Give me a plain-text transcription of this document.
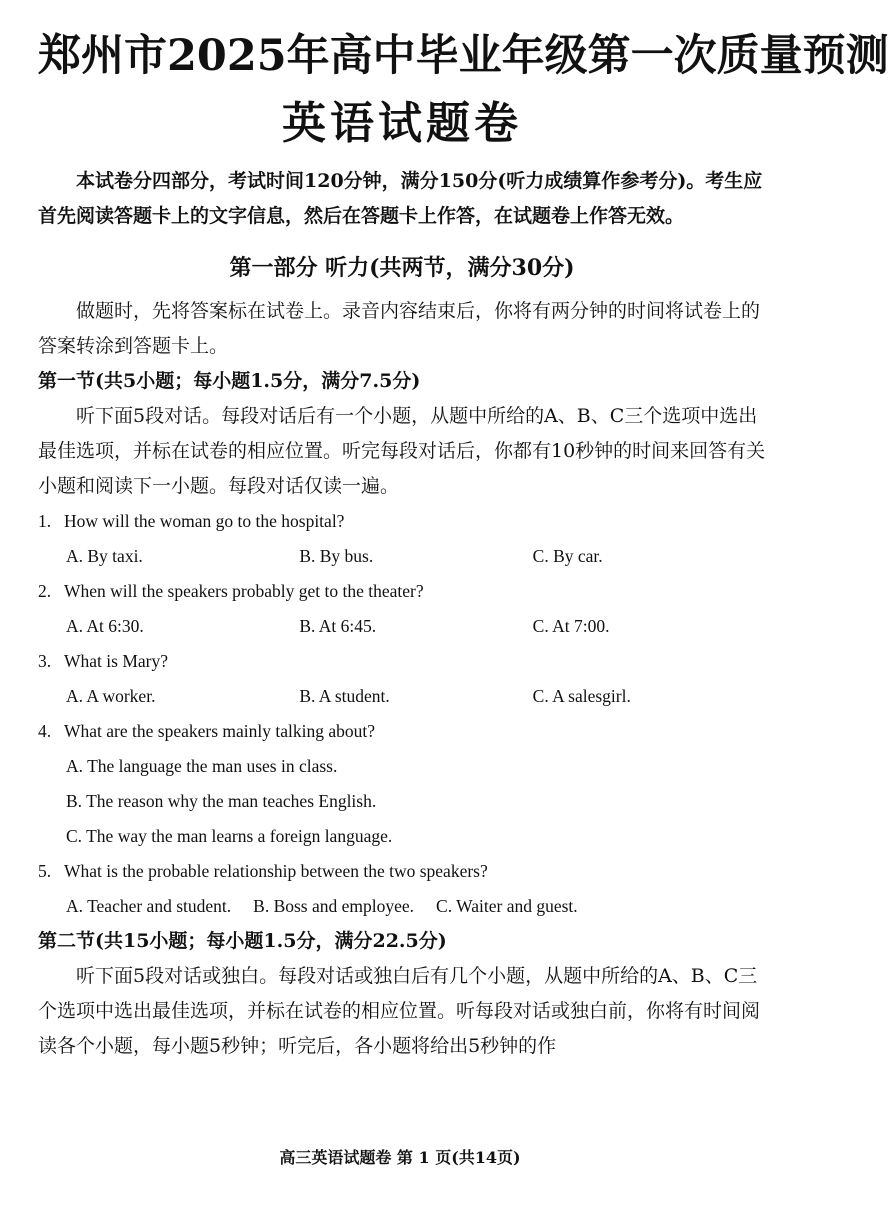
郑州市2025年高中毕业年级第一次质量预测
英语试题卷

本试卷分四部分，考试时间120分钟，满分150分(听力成绩算作参考分)。考生应首先阅读答题卡上的文字信息，然后在答题卡上作答，在试题卷上作答无效。

第一部分 听力(共两节，满分30分)

做题时，先将答案标在试卷上。录音内容结束后，你将有两分钟的时间将试卷上的答案转涂到答题卡上。

第一节(共5小题；每小题1.5分，满分7.5分)

听下面5段对话。每段对话后有一个小题，从题中所给的A、B、C三个选项中选出最佳选项，并标在试卷的相应位置。听完每段对话后，你都有10秒钟的时间来回答有关小题和阅读下一小题。每段对话仅读一遍。

1. How will the woman go to the hospital?

A. By taxi.	B. By bus.	C. By car.

2. When will the speakers probably get to the theater?

A. At 6:30.	B. At 6:45.	C. At 7:00.

3. What is Mary?

A. A worker.	B. A student.	C. A salesgirl.

4. What are the speakers mainly talking about?

A. The language the man uses in class.

B. The reason why the man teaches English.

C. The way the man learns a foreign language.

5. What is the probable relationship between the two speakers?

A. Teacher and student. B. Boss and employee. C. Waiter and guest.

第二节(共15小题；每小题1.5分，满分22.5分)

听下面5段对话或独白。每段对话或独白后有几个小题，从题中所给的A、B、C三个选项中选出最佳选项，并标在试卷的相应位置。听每段对话或独白前，你将有时间阅读各个小题，每小题5秒钟；听完后，各小题将给出5秒钟的作

高三英语试题卷 第 1 页(共14页)
